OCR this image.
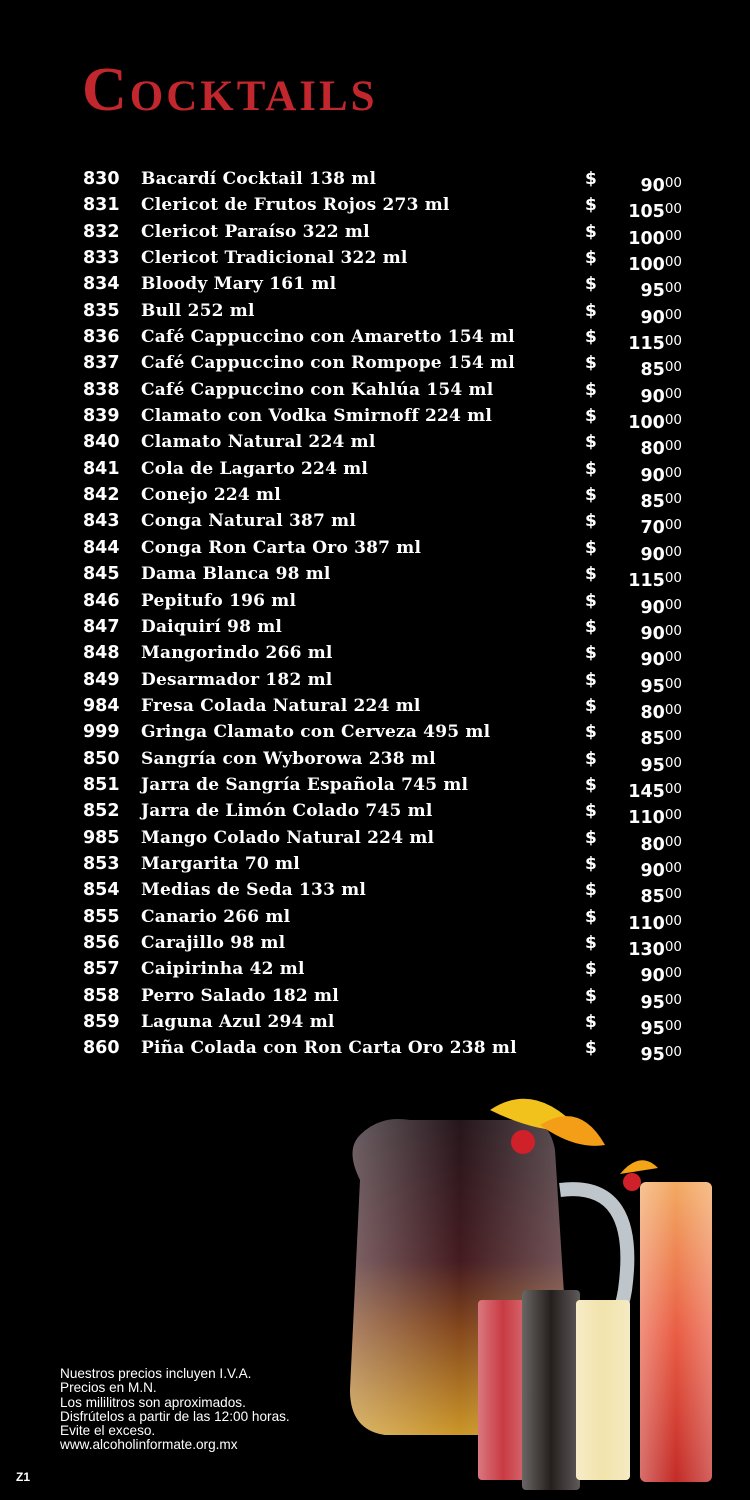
Cocktails
830 Bacardí Cocktail 138 ml	$ $90^{00}$
831 Clericot de Frutos Rojos 273 ml	$ $105^{00}$
832 Clericot Paraíso 322 ml	$ $100^{00}$
833 Clericot Tradicional 322 ml	$ $100^{00}$
834 Bloody Mary 161 ml	$ $95^{00}$
835 Bull 252 ml	$ $90^{00}$
836 Café Cappuccino con Amaretto 154 ml	$ $115^{00}$
837 Café Cappuccino con Rompope 154 ml	$ $85^{00}$
838 Café Cappuccino con Kahlúa 154 ml	$ $90^{00}$
839 Clamato con Vodka Smirnoff 224 ml	$ $100^{00}$
840 Clamato Natural 224 ml	$ $80^{00}$
841 Cola de Lagarto 224 ml	$ $90^{00}$
842 Conejo 224 ml	$ $85^{00}$
843 Conga Natural 387 ml	$ $70^{00}$
844 Conga Ron Carta Oro 387 ml	$ $90^{00}$
845 Dama Blanca 98 ml	$ $115^{00}$
846 Pepitufo 196 ml	$ $90^{00}$
847 Daiquirí 98 ml	$ $90^{00}$
848 Mangorindo 266 ml	$ $90^{00}$
849 Desarmador 182 ml	$ $95^{00}$
984 Fresa Colada Natural 224 ml	$ $80^{00}$
999 Gringa Clamato con Cerveza 495 ml	$ $85^{00}$
850 Sangría con Wyborowa 238 ml	$ $95^{00}$
851 Jarra de Sangría Española 745 ml	$ $145^{00}$
852 Jarra de Limón Colado 745 ml	$ $110^{00}$
985 Mango Colado Natural 224 ml	$ $80^{00}$
853 Margarita 70 ml	$ $90^{00}$
854 Medias de Seda 133 ml	$ $85^{00}$
855 Canario 266 ml	$ $110^{00}$
856 Carajillo 98 ml	$ $130^{00}$
857 Caipirinha 42 ml	$ $90^{00}$
858 Perro Salado 182 ml	$ $95^{00}$
859 Laguna Azul 294 ml	$ $95^{00}$
860 Piña Colada con Ron Carta Oro 238 ml	$ $95^{00}$
Nuestros precios incluyen I.V.A.
Precios en M.N.
Los mililitros son aproximados.
Disfrútelos a partir de las 12:00 horas.
Evite el exceso.
www.alcoholinformate.org.mx
Z1
